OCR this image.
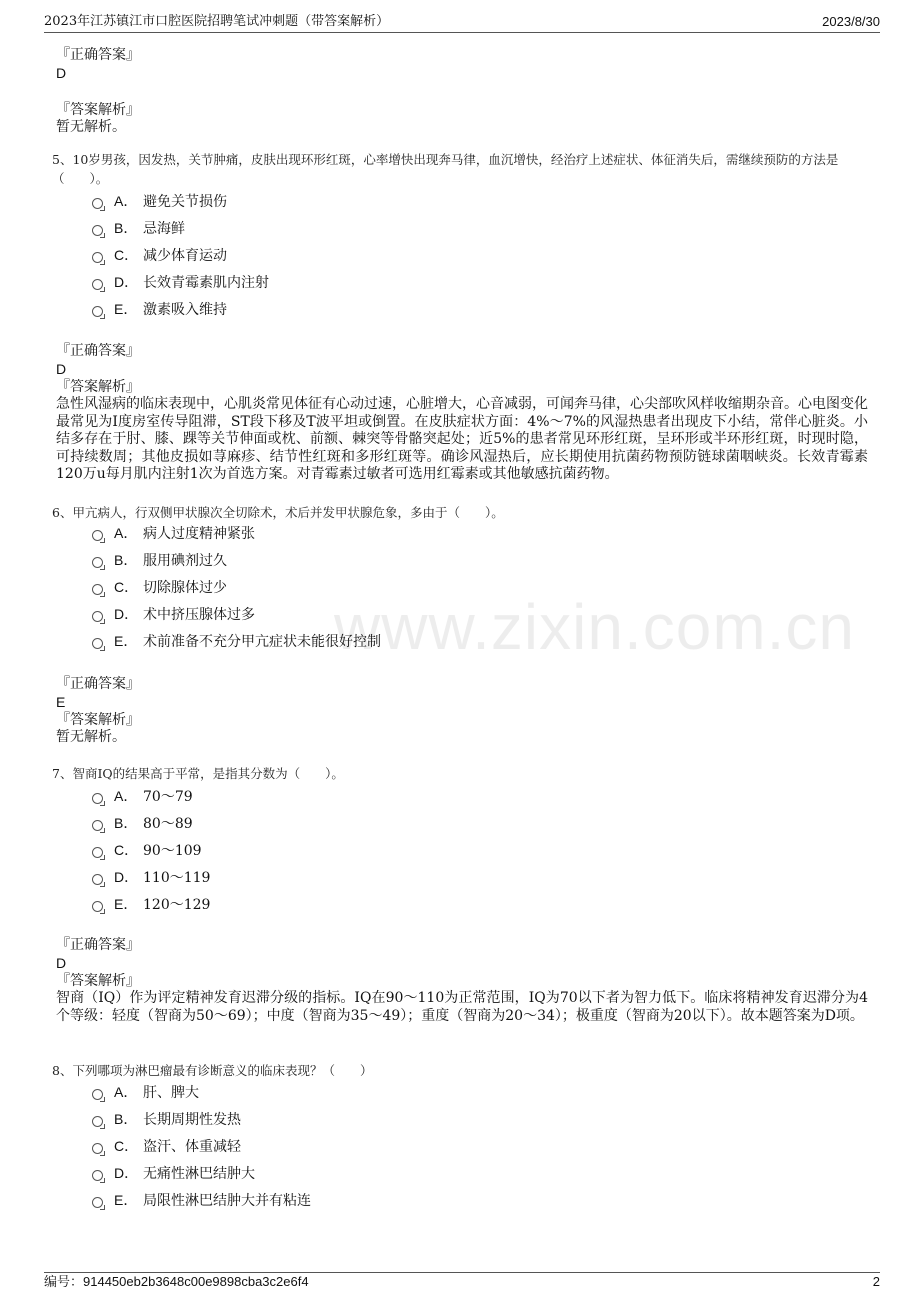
2023年江苏镇江市口腔医院招聘笔试冲刺题（带答案解析）	2023/8/30
www.zixin.com.cn
『正确答案』
D
『答案解析』
暂无解析。
5、10岁男孩，因发热，关节肿痛，皮肤出现环形红斑，心率增快出现奔马律，血沉增快，经治疗上述症状、体征消失后，需继续预防的方法是（　　）。
A． 避免关节损伤
B． 忌海鲜
C． 减少体育运动
D． 长效青霉素肌内注射
E． 激素吸入维持
『正确答案』
D
『答案解析』
急性风湿病的临床表现中，心肌炎常见体征有心动过速，心脏增大，心音减弱，可闻奔马律，心尖部吹风样收缩期杂音。心电图变化最常见为I度房室传导阻滞，ST段下移及T波平坦或倒置。在皮肤症状方面：4%～7%的风湿热患者出现皮下小结，常伴心脏炎。小结多存在于肘、膝、踝等关节伸面或枕、前额、棘突等骨骼突起处；近5%的患者常见环形红斑，呈环形或半环形红斑，时现时隐，可持续数周；其他皮损如荨麻疹、结节性红斑和多形红斑等。确诊风湿热后，应长期使用抗菌药物预防链球菌咽峡炎。长效青霉素120万u每月肌内注射1次为首选方案。对青霉素过敏者可选用红霉素或其他敏感抗菌药物。
6、甲亢病人，行双侧甲状腺次全切除术，术后并发甲状腺危象，多由于（　　）。
A． 病人过度精神紧张
B． 服用碘剂过久
C． 切除腺体过少
D． 术中挤压腺体过多
E． 术前准备不充分甲亢症状未能很好控制
『正确答案』
E
『答案解析』
暂无解析。
7、智商IQ的结果高于平常，是指其分数为（　　）。
A． 70～79
B． 80～89
C． 90～109
D． 110～119
E． 120～129
『正确答案』
D
『答案解析』
智商（IQ）作为评定精神发育迟滞分级的指标。IQ在90～110为正常范围，IQ为70以下者为智力低下。临床将精神发育迟滞分为4个等级：轻度（智商为50～69）；中度（智商为35～49）；重度（智商为20～34）；极重度（智商为20以下）。故本题答案为D项。
8、下列哪项为淋巴瘤最有诊断意义的临床表现？（　　）
A． 肝、脾大
B． 长期周期性发热
C． 盗汗、体重减轻
D． 无痛性淋巴结肿大
E． 局限性淋巴结肿大并有粘连
编号：914450eb2b3648c00e9898cba3c2e6f4	2
